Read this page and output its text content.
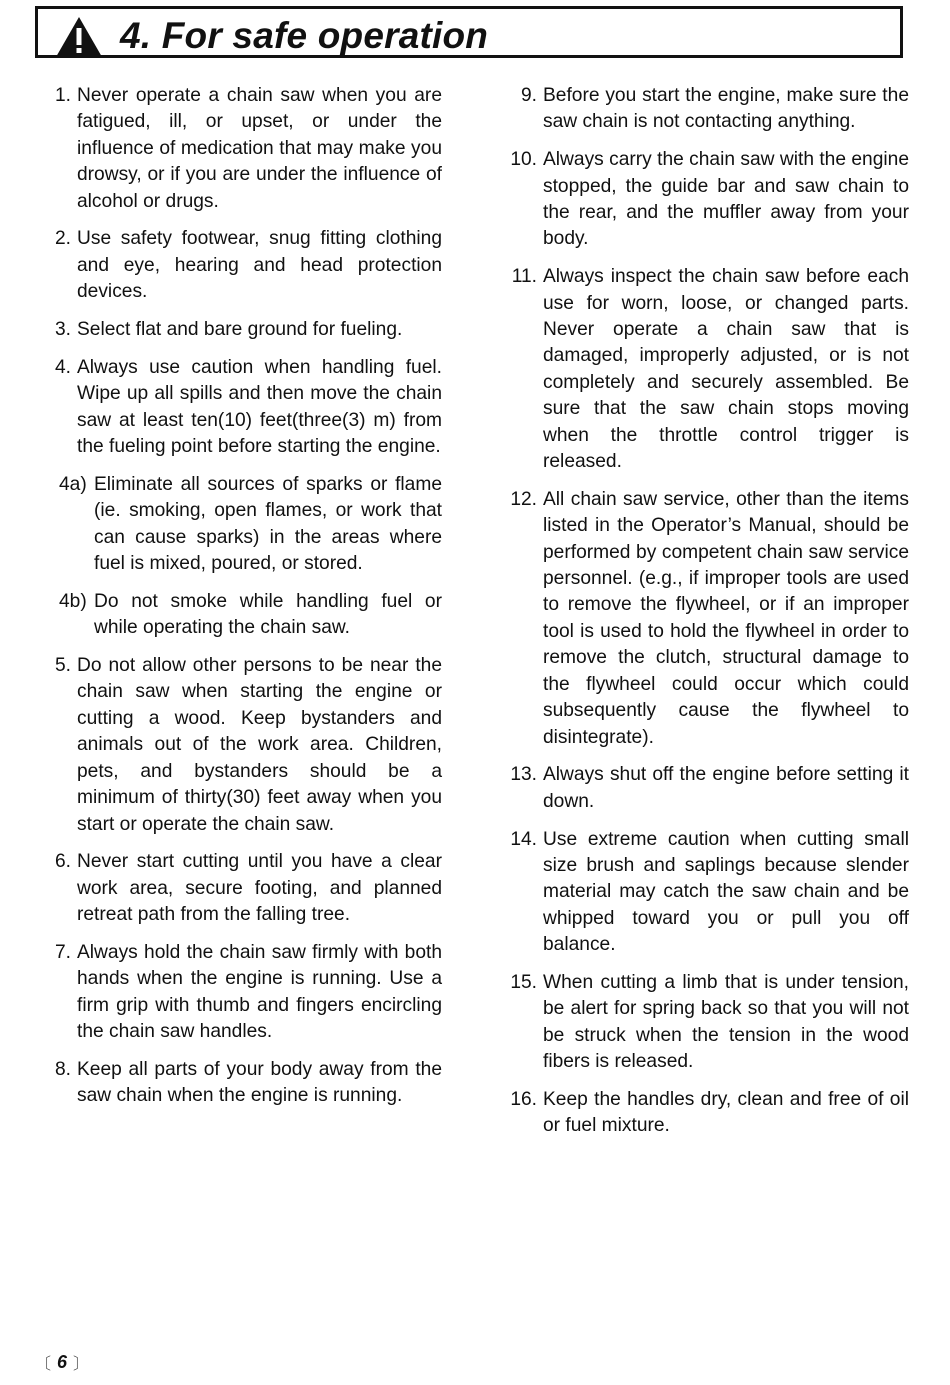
4. For safe operation
1. Never operate a chain saw when you are fatigued, ill, or upset, or under the influence of medication that may make you drowsy, or if you are under the influence of alcohol or drugs.
2. Use safety footwear, snug fitting clothing and eye, hearing and head protection devices.
3. Select flat and bare ground for fueling.
4. Always use caution when handling fuel. Wipe up all spills and then move the chain saw at least ten(10) feet(three(3) m) from the fueling point before starting the engine.
4a) Eliminate all sources of sparks or flame (ie. smoking, open flames, or work that can cause sparks) in the areas where fuel is mixed, poured, or stored.
4b) Do not smoke while handling fuel or while operating the chain saw.
5. Do not allow other persons to be near the chain saw when starting the engine or cutting a wood. Keep bystanders and animals out of the work area. Children, pets, and bystanders should be a minimum of thirty(30) feet away when you start or operate the chain saw.
6. Never start cutting until you have a clear work area, secure footing, and planned retreat path from the falling tree.
7. Always hold the chain saw firmly with both hands when the engine is running. Use a firm grip with thumb and fingers encircling the chain saw handles.
8. Keep all parts of your body away from the saw chain when the engine is running.
9. Before you start the engine, make sure the saw chain is not contacting anything.
10. Always carry the chain saw with the engine stopped, the guide bar and saw chain to the rear, and the muffler away from your body.
11. Always inspect the chain saw before each use for worn, loose, or changed parts. Never operate a chain saw that is damaged, improperly adjusted, or is not completely and securely assembled. Be sure that the saw chain stops moving when the throttle control trigger is released.
12. All chain saw service, other than the items listed in the Operator’s Manual, should be performed by competent chain saw service personnel. (e.g., if improper tools are used to remove the flywheel, or if an improper tool is used to hold the flywheel in order to remove the clutch, structural damage to the flywheel could occur which could subsequently cause the flywheel to disintegrate).
13. Always shut off the engine before setting it down.
14. Use extreme caution when cutting small size brush and saplings because slender material may catch the saw chain and be whipped toward you or pull you off balance.
15. When cutting a limb that is under tension, be alert for spring back so that you will not be struck when the tension in the wood fibers is released.
16. Keep the handles dry, clean and free of oil or fuel mixture.
〔 6 〕
